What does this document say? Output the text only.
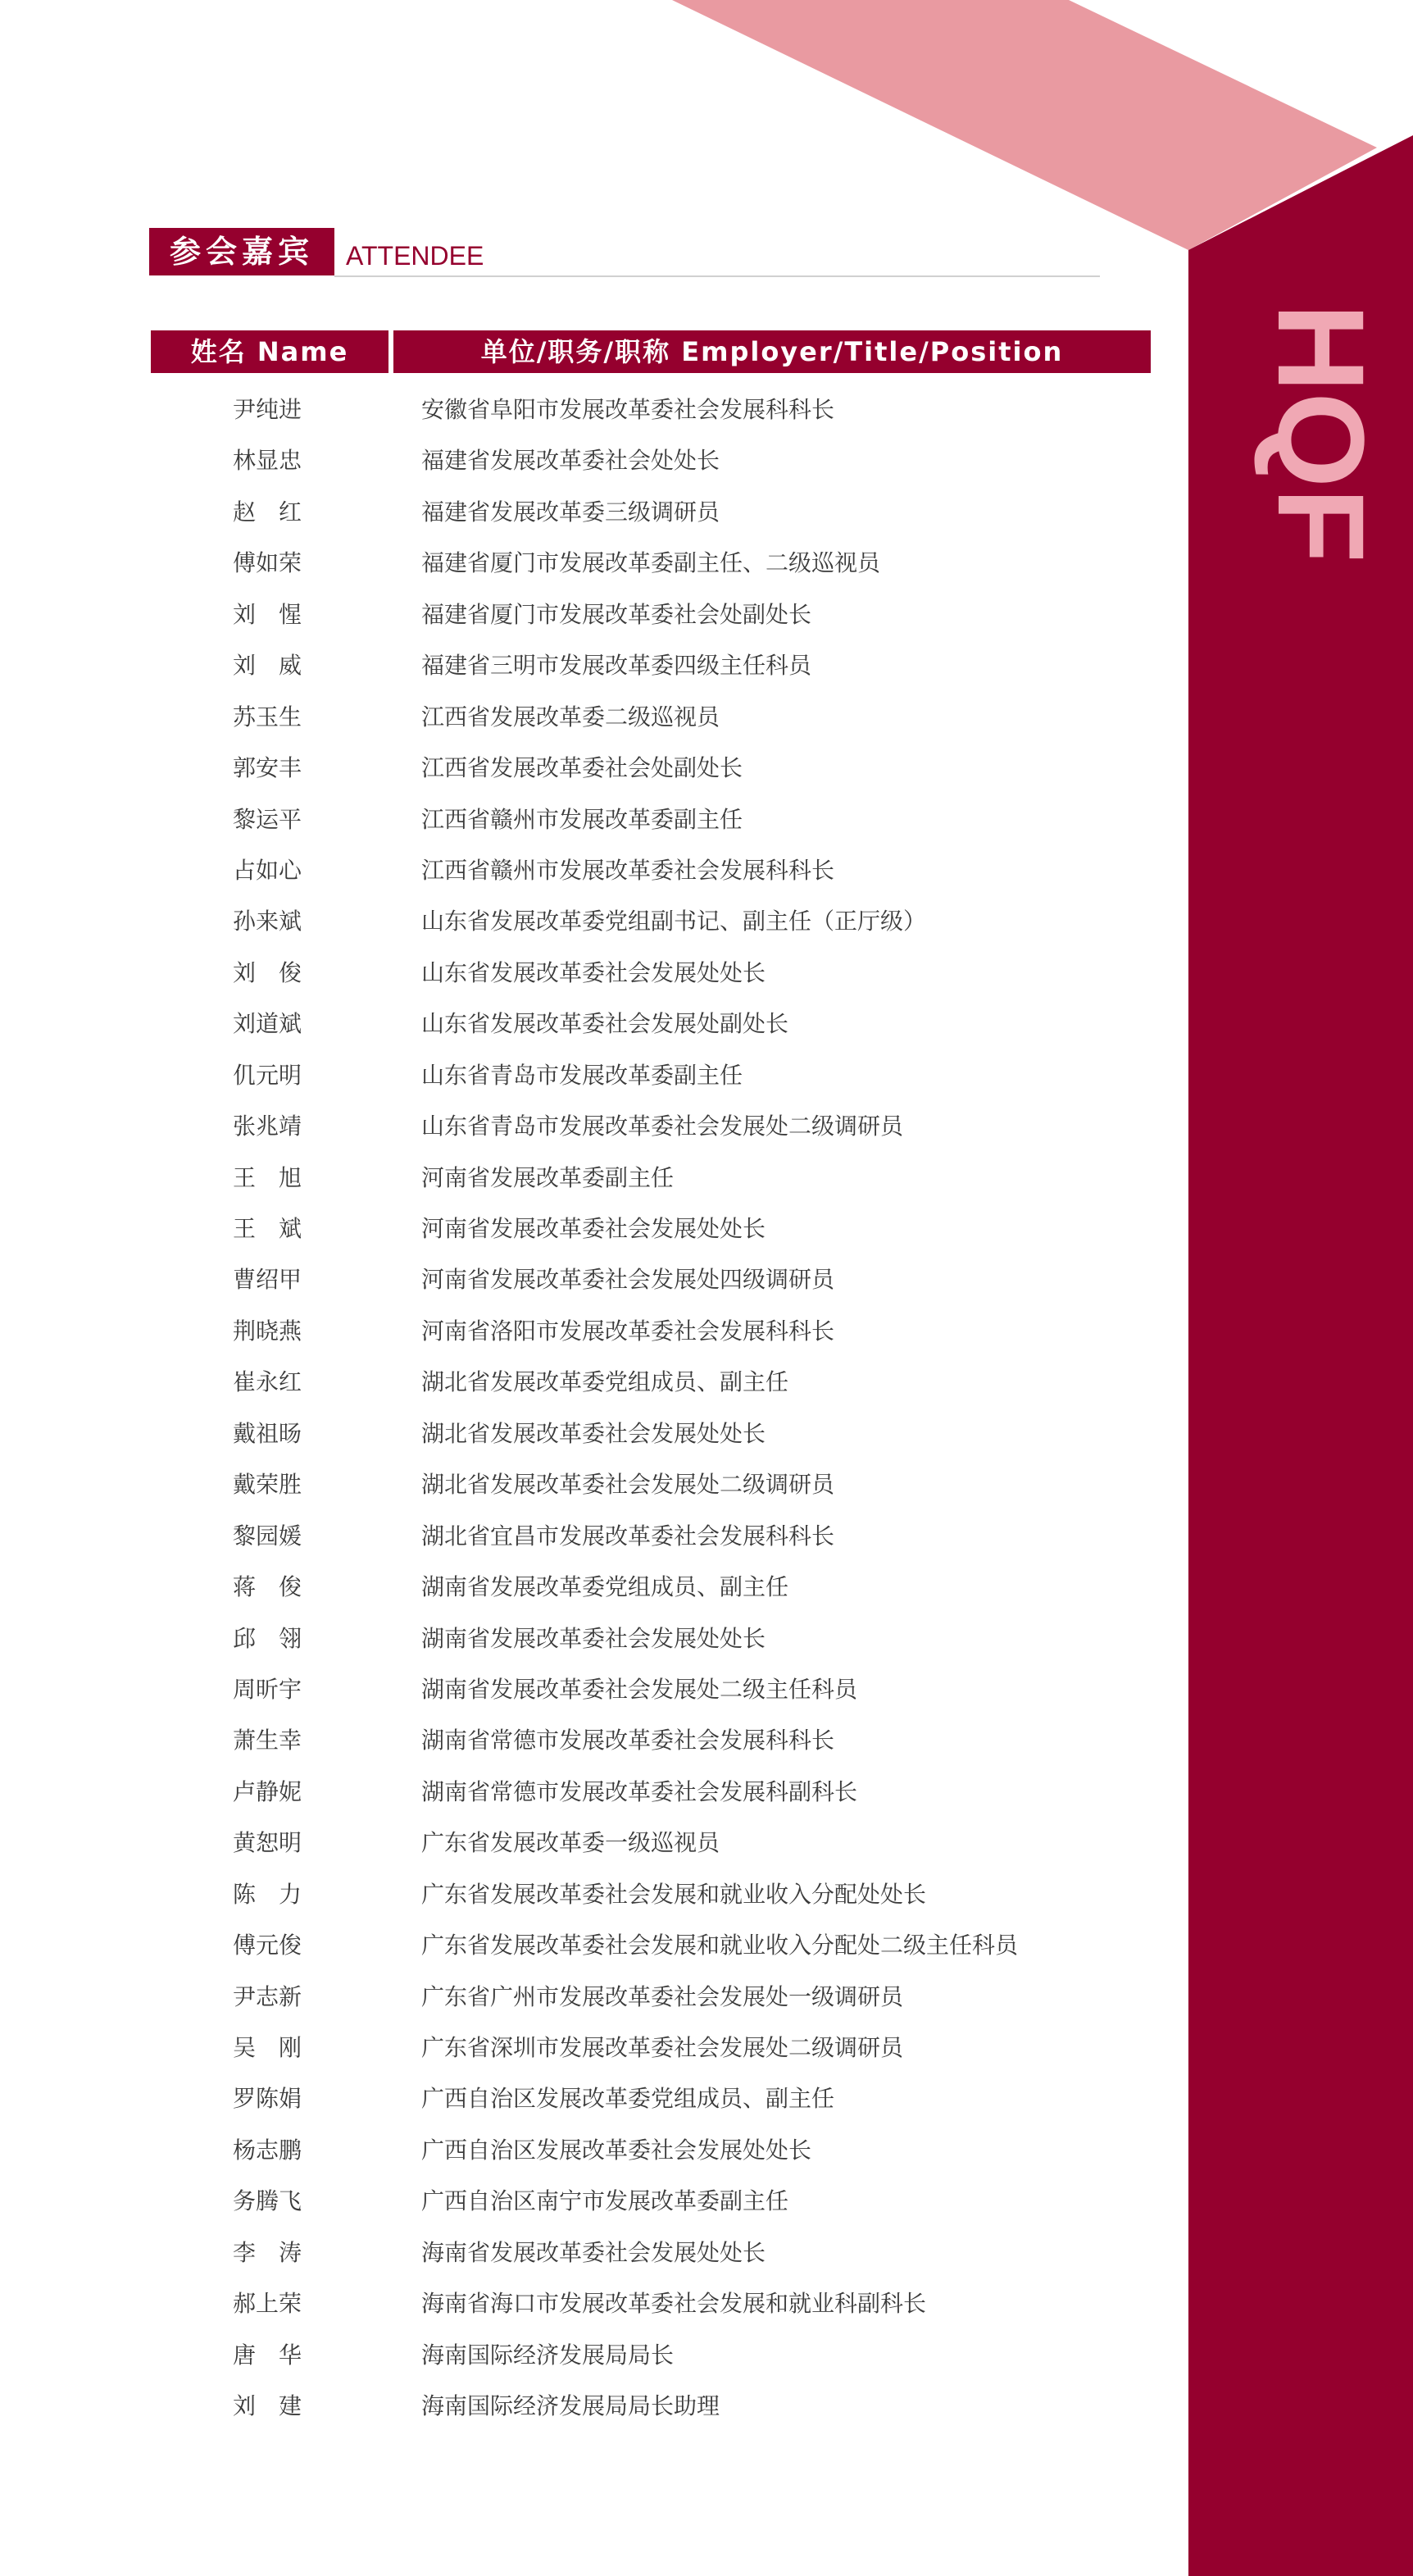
HQF
参会嘉宾	ATTENDEE
姓名 Name	单位/职务/职称 Employer/Title/Position
尹纯进	安徽省阜阳市发展改革委社会发展科科长
林显忠	福建省发展改革委社会处处长
赵　红	福建省发展改革委三级调研员
傅如荣	福建省厦门市发展改革委副主任、二级巡视员
刘　惺	福建省厦门市发展改革委社会处副处长
刘　威	福建省三明市发展改革委四级主任科员
苏玉生	江西省发展改革委二级巡视员
郭安丰	江西省发展改革委社会处副处长
黎运平	江西省赣州市发展改革委副主任
占如心	江西省赣州市发展改革委社会发展科科长
孙来斌	山东省发展改革委党组副书记、副主任（正厅级）
刘　俊	山东省发展改革委社会发展处处长
刘道斌	山东省发展改革委社会发展处副处长
仉元明	山东省青岛市发展改革委副主任
张兆靖	山东省青岛市发展改革委社会发展处二级调研员
王　旭	河南省发展改革委副主任
王　斌	河南省发展改革委社会发展处处长
曹绍甲	河南省发展改革委社会发展处四级调研员
荆晓燕	河南省洛阳市发展改革委社会发展科科长
崔永红	湖北省发展改革委党组成员、副主任
戴祖旸	湖北省发展改革委社会发展处处长
戴荣胜	湖北省发展改革委社会发展处二级调研员
黎园媛	湖北省宜昌市发展改革委社会发展科科长
蒋　俊	湖南省发展改革委党组成员、副主任
邱　翎	湖南省发展改革委社会发展处处长
周昕宇	湖南省发展改革委社会发展处二级主任科员
萧生幸	湖南省常德市发展改革委社会发展科科长
卢静妮	湖南省常德市发展改革委社会发展科副科长
黄恕明	广东省发展改革委一级巡视员
陈　力	广东省发展改革委社会发展和就业收入分配处处长
傅元俊	广东省发展改革委社会发展和就业收入分配处二级主任科员
尹志新	广东省广州市发展改革委社会发展处一级调研员
吴　刚	广东省深圳市发展改革委社会发展处二级调研员
罗陈娟	广西自治区发展改革委党组成员、副主任
杨志鹏	广西自治区发展改革委社会发展处处长
务腾飞	广西自治区南宁市发展改革委副主任
李　涛	海南省发展改革委社会发展处处长
郝上荣	海南省海口市发展改革委社会发展和就业科副科长
唐　华	海南国际经济发展局局长
刘　建	海南国际经济发展局局长助理
